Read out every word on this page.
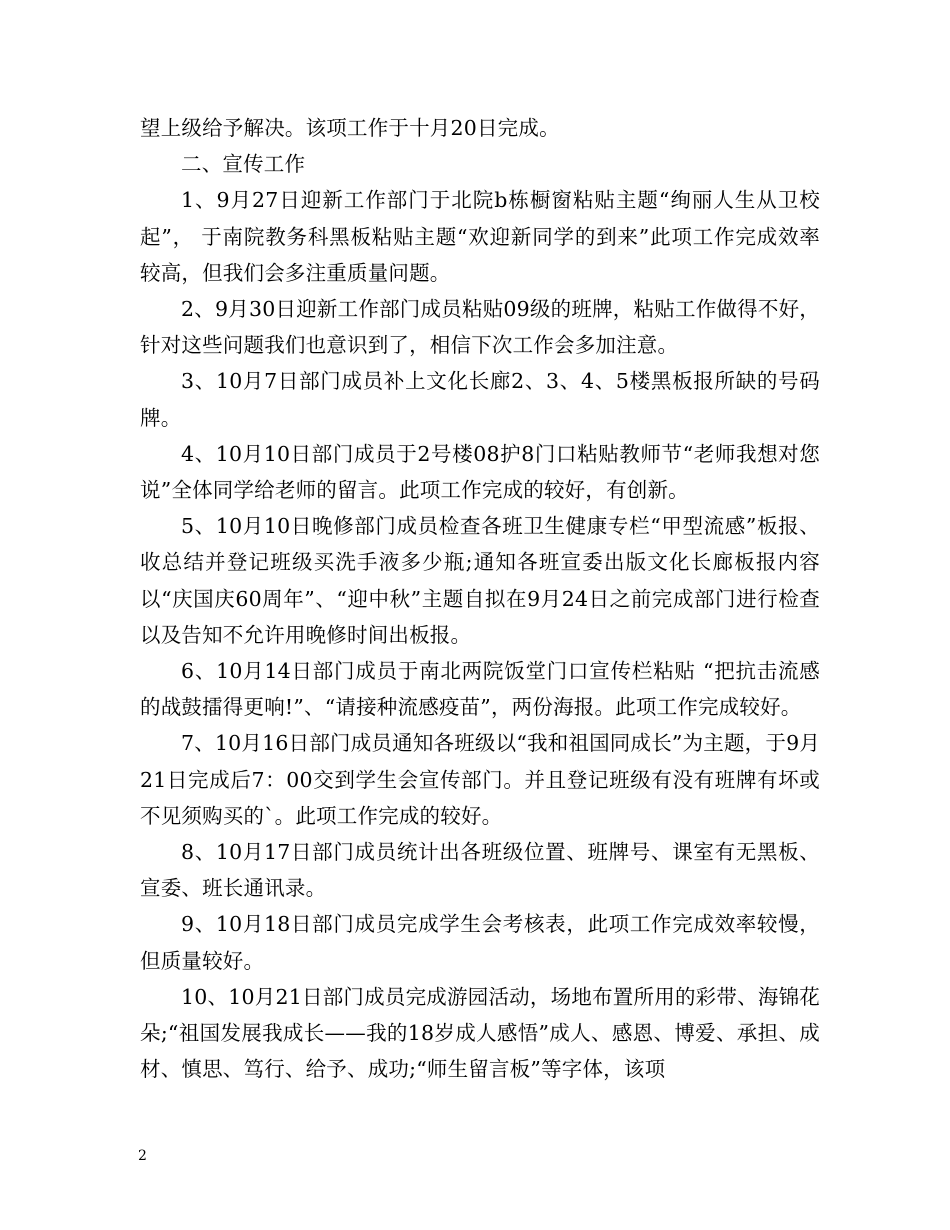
望上级给予解决。该项工作于十月20日完成。

二、宣传工作

1、9月27日迎新工作部门于北院b栋橱窗粘贴主题“绚丽人生从卫校起”， 于南院教务科黑板粘贴主题“欢迎新同学的到来”此项工作完成效率较高，但我们会多注重质量问题。

2、9月30日迎新工作部门成员粘贴09级的班牌，粘贴工作做得不好，针对这些问题我们也意识到了，相信下次工作会多加注意。

3、10月7日部门成员补上文化长廊2、3、4、5楼黑板报所缺的号码牌。

4、10月10日部门成员于2号楼08护8门口粘贴教师节“老师我想对您说”全体同学给老师的留言。此项工作完成的较好，有创新。

5、10月10日晚修部门成员检查各班卫生健康专栏“甲型流感”板报、收总结并登记班级买洗手液多少瓶;通知各班宣委出版文化长廊板报内容以“庆国庆60周年”、“迎中秋”主题自拟在9月24日之前完成部门进行检查以及告知不允许用晚修时间出板报。

6、10月14日部门成员于南北两院饭堂门口宣传栏粘贴 “把抗击流感的战鼓擂得更响!”、“请接种流感疫苗”，两份海报。此项工作完成较好。

7、10月16日部门成员通知各班级以“我和祖国同成长”为主题，于9月21日完成后7：00交到学生会宣传部门。并且登记班级有没有班牌有坏或不见须购买的`。此项工作完成的较好。

8、10月17日部门成员统计出各班级位置、班牌号、课室有无黑板、宣委、班长通讯录。

9、10月18日部门成员完成学生会考核表，此项工作完成效率较慢，但质量较好。

10、10月21日部门成员完成游园活动，场地布置所用的彩带、海锦花朵;“祖国发展我成长——我的18岁成人感悟”成人、感恩、博爱、承担、成材、慎思、笃行、给予、成功;“师生留言板”等字体，该项

2
